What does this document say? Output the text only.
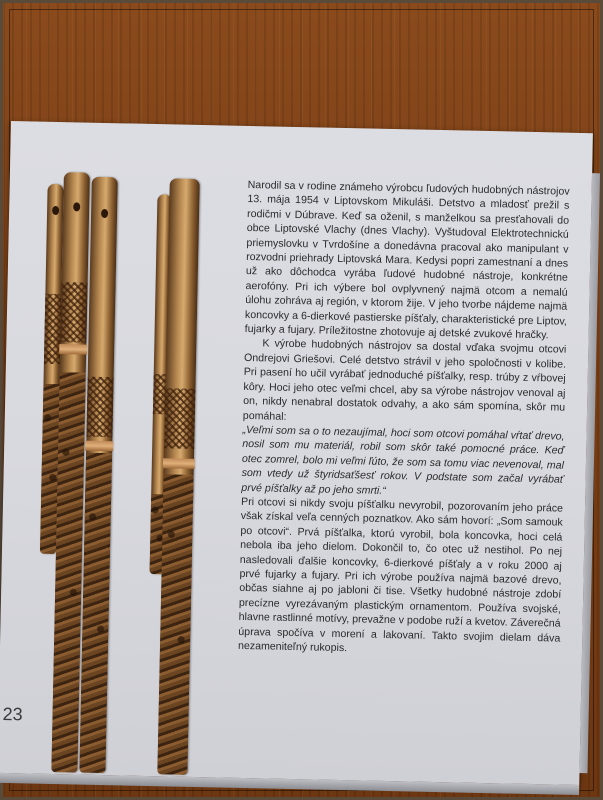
23

Narodil sa v rodine známeho výrobcu ľudových hudobných nástrojov 13. mája 1954 v Liptovskom Mikuláši. Detstvo a mladosť prežil s rodičmi v Dúbrave. Keď sa oženil, s manželkou sa presťahovali do obce Liptovské Vlachy (dnes Vlachy). Vyštudoval Elektrotechnickú priemyslovku v Tvrdošíne a donedávna pracoval ako manipulant v rozvodni priehrady Liptovská Mara. Kedysi popri zamestnaní a dnes už ako dôchodca vyrába ľudové hudobné nástroje, konkrétne aerofóny. Pri ich výbere bol ovplyvnený najmä otcom a nemalú úlohu zohráva aj región, v ktorom žije. V jeho tvorbe nájdeme najmä koncovky a 6-dierkové pastierske píšťaly, charakteristické pre Liptov, fujarky a fujary. Príležitostne zhotovuje aj detské zvukové hračky.

K výrobe hudobných nástrojov sa dostal vďaka svojmu otcovi Ondrejovi Griešovi. Celé detstvo strávil v jeho spoločnosti v kolibe. Pri pasení ho učil vyrábať jednoduché píšťalky, resp. trúby z vŕbovej kôry. Hoci jeho otec veľmi chcel, aby sa výrobe nástrojov venoval aj on, nikdy nenabral dostatok odvahy, a ako sám spomína, skôr mu pomáhal:

„Veľmi som sa o to nezaujímal, hoci som otcovi pomáhal vŕtať drevo, nosil som mu materiál, robil som skôr také pomocné práce. Keď otec zomrel, bolo mi veľmi ľúto, že som sa tomu viac nevenoval, mal som vtedy už štyridsaťšesť rokov. V podstate som začal vyrábať prvé píšťalky až po jeho smrti.“

Pri otcovi si nikdy svoju píšťalku nevyrobil, pozorovaním jeho práce však získal veľa cenných poznatkov. Ako sám hovorí: „Som samouk po otcovi“. Prvá píšťalka, ktorú vyrobil, bola koncovka, hoci celá nebola iba jeho dielom. Dokončil to, čo otec už nestihol. Po nej nasledovali ďalšie koncovky, 6-dierkové píšťaly a v roku 2000 aj prvé fujarky a fujary. Pri ich výrobe používa najmä bazové drevo, občas siahne aj po jabloni či tise. Všetky hudobné nástroje zdobí precízne vyrezávaným plastickým ornamentom. Používa svojské, hlavne rastlinné motívy, prevažne v podobe ruží a kvetov. Záverečná úprava spočíva v morení a lakovaní. Takto svojim dielam dáva nezameniteľný rukopis.
